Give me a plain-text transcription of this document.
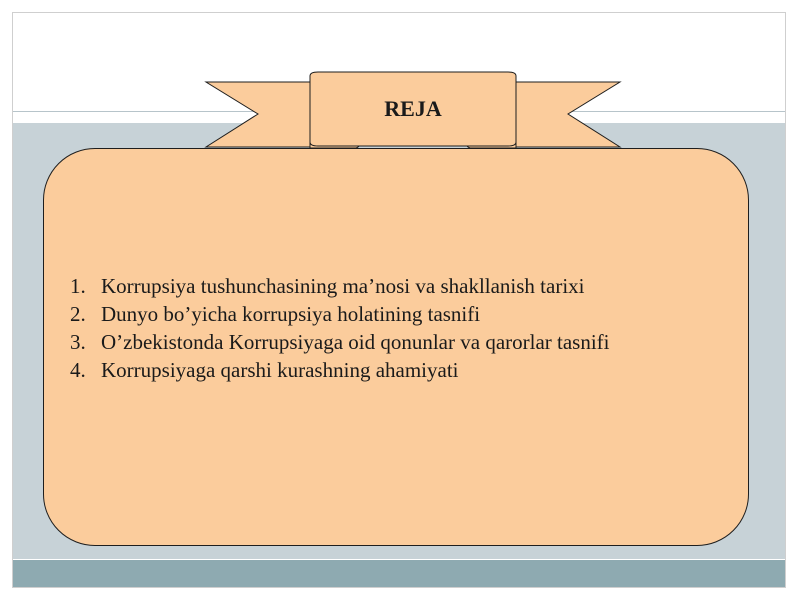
REJA
1. Korrupsiya tushunchasining ma’nosi va shakllanish tarixi
2. Dunyo bo’yicha korrupsiya holatining tasnifi
3. O’zbekistonda Korrupsiyaga oid qonunlar va qarorlar tasnifi
4. Korrupsiyaga qarshi kurashning ahamiyati
